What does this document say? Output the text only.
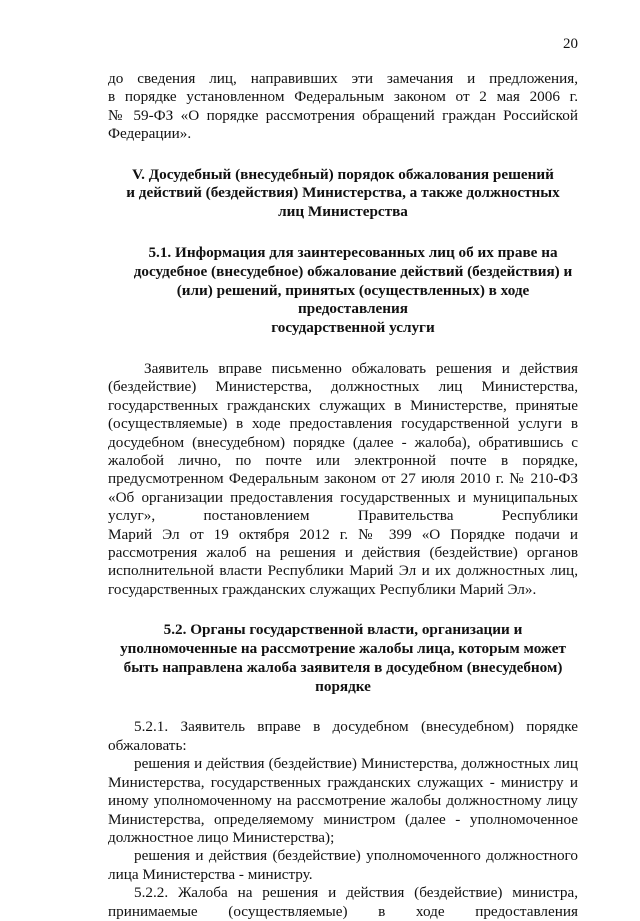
20
до сведения лиц, направивших эти замечания и предложения,
в порядке установленном Федеральным законом от 2 мая 2006 г.
№ 59-ФЗ «О порядке рассмотрения обращений граждан Российской
Федерации».
V. Досудебный (внесудебный) порядок обжалования решений
и действий (бездействия) Министерства, а также должностных
лиц Министерства
5.1. Информация для заинтересованных лиц об их праве на
досудебное (внесудебное) обжалование действий (бездействия) и
(или) решений, принятых (осуществленных) в ходе предоставления
государственной услуги
Заявитель вправе письменно обжаловать решения и действия
(бездействие) Министерства, должностных лиц Министерства,
государственных гражданских служащих в Министерстве, принятые
(осуществляемые) в ходе предоставления государственной услуги в
досудебном (внесудебном) порядке (далее - жалоба), обратившись с
жалобой лично, по почте или электронной почте в порядке,
предусмотренном Федеральным законом от 27 июля 2010 г. № 210-ФЗ
«Об организации предоставления государственных и муниципальных
услуг», постановлением Правительства Республики
Марий Эл от 19 октября 2012 г. № 399 «О Порядке подачи и
рассмотрения жалоб на решения и действия (бездействие) органов
исполнительной власти Республики Марий Эл и их должностных лиц,
государственных гражданских служащих Республики Марий Эл».
5.2. Органы государственной власти, организации и
уполномоченные на рассмотрение жалобы лица, которым может
быть направлена жалоба заявителя в досудебном (внесудебном)
порядке
5.2.1. Заявитель вправе в досудебном (внесудебном) порядке
обжаловать:
решения и действия (бездействие) Министерства, должностных лиц
Министерства, государственных гражданских служащих - министру и
иному уполномоченному на рассмотрение жалобы должностному лицу
Министерства, определяемому министром (далее - уполномоченное
должностное лицо Министерства);
решения и действия (бездействие) уполномоченного должностного
лица Министерства - министру.
5.2.2. Жалоба на решения и действия (бездействие) министра,
принимаемые (осуществляемые) в ходе предоставления
